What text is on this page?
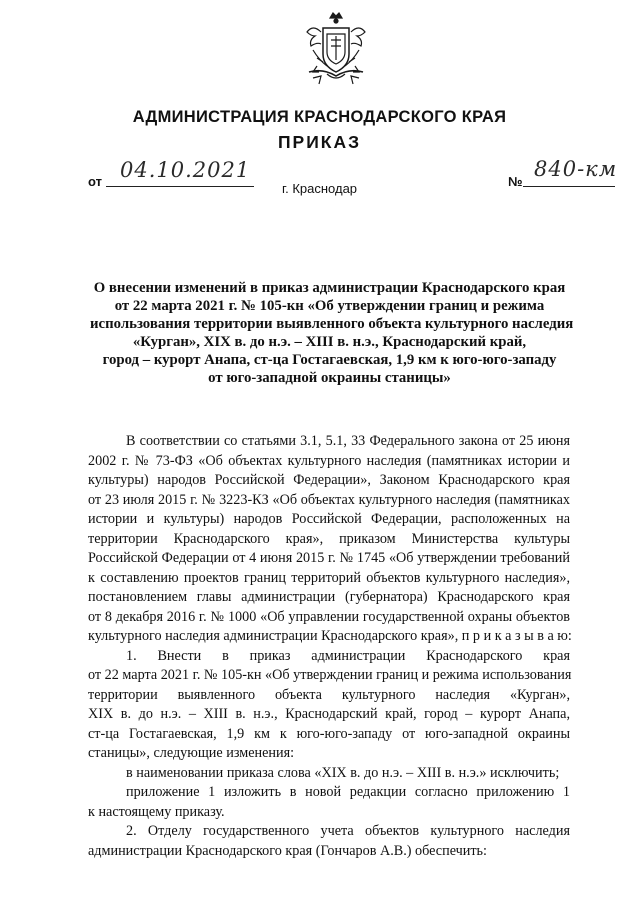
АДМИНИСТРАЦИЯ КРАСНОДАРСКОГО КРАЯ
ПРИКАЗ
от 04.10.2021	№
840-км
г. Краснодар
О внесении изменений в приказ администрации Краснодарского края
от 22 марта 2021 г. № 105-кн «Об утверждении границ и режима
использования территории выявленного объекта культурного наследия
«Курган», XIX в. до н.э. – XIII в. н.э., Краснодарский край,
город – курорт Анапа, ст-ца Гостагаевская, 1,9 км к юго-юго-западу
от юго-западной окраины станицы»
В соответствии со статьями 3.1, 5.1, 33 Федерального закона от 25 июня
2002 г. № 73-ФЗ «Об объектах культурного наследия (памятниках истории и
культуры) народов Российской Федерации», Законом Краснодарского края
от 23 июля 2015 г. № 3223-КЗ «Об объектах культурного наследия (памятниках
истории и культуры) народов Российской Федерации, расположенных на
территории Краснодарского края», приказом Министерства культуры
Российской Федерации от 4 июня 2015 г. № 1745 «Об утверждении требований
к составлению проектов границ территорий объектов культурного наследия»,
постановлением главы администрации (губернатора) Краснодарского края
от 8 декабря 2016 г. № 1000 «Об управлении государственной охраны объектов
культурного наследия администрации Краснодарского края», п р и к а з ы в а ю:
1. Внести в приказ администрации Краснодарского края
от 22 марта 2021 г. № 105-кн «Об утверждении границ и режима использования
территории выявленного объекта культурного наследия «Курган»,
XIX в. до н.э. – XIII в. н.э., Краснодарский край, город – курорт Анапа,
ст-ца Гостагаевская, 1,9 км к юго-юго-западу от юго-западной окраины
станицы», следующие изменения:
в наименовании приказа слова «XIX в. до н.э. – XIII в. н.э.» исключить;
приложение 1 изложить в новой редакции согласно приложению 1
к настоящему приказу.
2. Отделу государственного учета объектов культурного наследия
администрации Краснодарского края (Гончаров А.В.) обеспечить:
